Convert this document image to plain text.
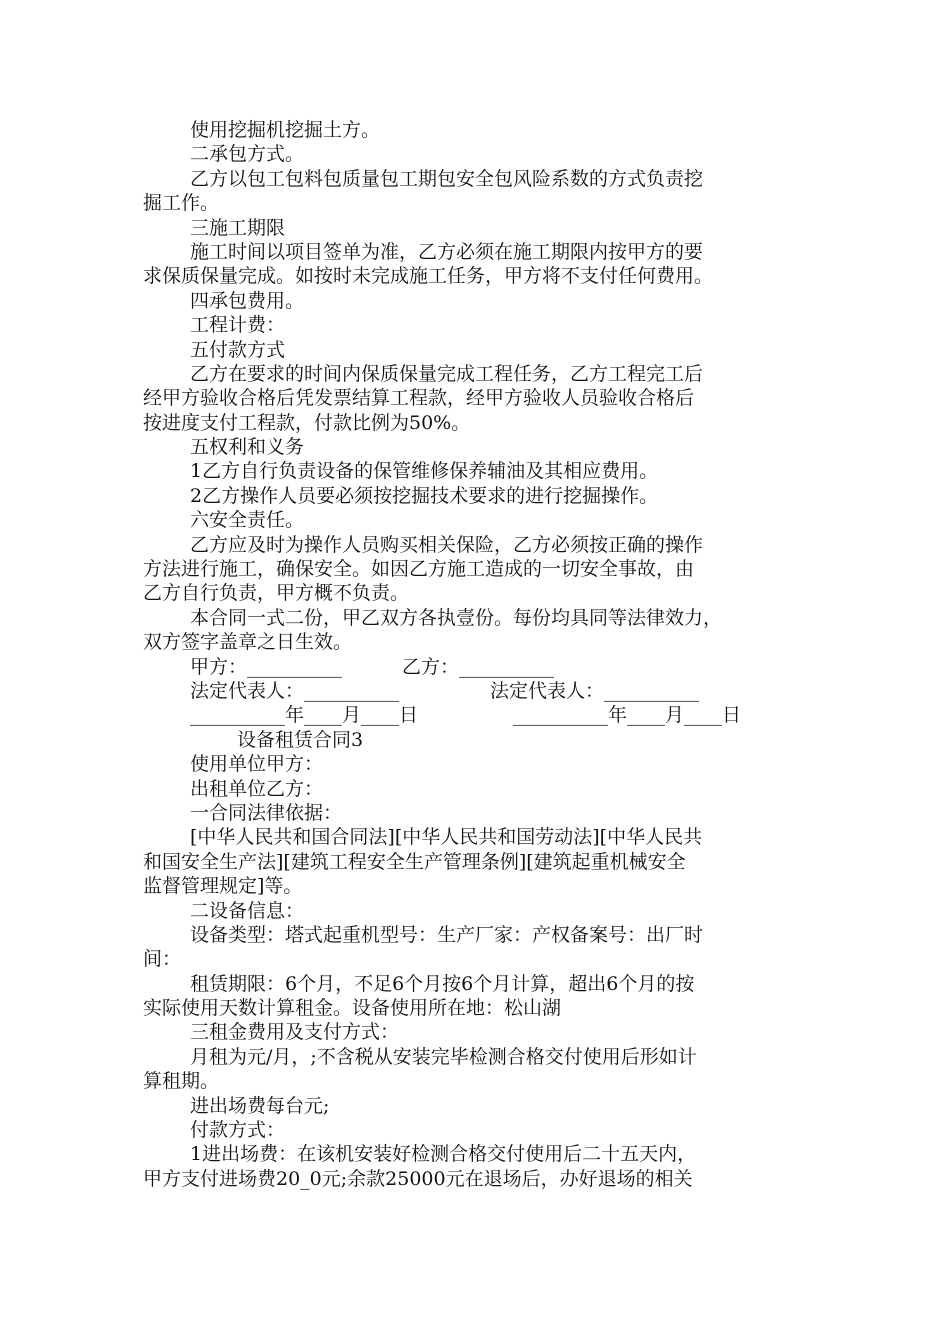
使用挖掘机挖掘土方。
二承包方式。
乙方以包工包料包质量包工期包安全包风险系数的方式负责挖
掘工作。
三施工期限
施工时间以项目签单为准，乙方必须在施工期限内按甲方的要
求保质保量完成。如按时未完成施工任务，甲方将不支付任何费用。
四承包费用。
工程计费：
五付款方式
乙方在要求的时间内保质保量完成工程任务，乙方工程完工后
经甲方验收合格后凭发票结算工程款，经甲方验收人员验收合格后
按进度支付工程款，付款比例为50%。
五权利和义务
1乙方自行负责设备的保管维修保养辅油及其相应费用。
2乙方操作人员要必须按挖掘技术要求的进行挖掘操作。
六安全责任。
乙方应及时为操作人员购买相关保险，乙方必须按正确的操作
方法进行施工，确保安全。如因乙方施工造成的一切安全事故，由
乙方自行负责，甲方概不负责。
本合同一式二份，甲乙双方各执壹份。每份均具同等法律效力，
双方签字盖章之日生效。
甲方：__________	乙方：__________
法定代表人：__________	法定代表人：__________
__________年____月____日	__________年____月____日
设备租赁合同3
使用单位甲方：
出租单位乙方：
一合同法律依据：
[中华人民共和国合同法][中华人民共和国劳动法][中华人民共
和国安全生产法][建筑工程安全生产管理条例][建筑起重机械安全
监督管理规定]等。
二设备信息：
设备类型：塔式起重机型号：生产厂家：产权备案号：出厂时
间：
租赁期限：6个月，不足6个月按6个月计算，超出6个月的按
实际使用天数计算租金。设备使用所在地：松山湖
三租金费用及支付方式：
月租为元/月，;不含税从安装完毕检测合格交付使用后形如计
算租期。
进出场费每台元;
付款方式：
1进出场费：在该机安装好检测合格交付使用后二十五天内，
甲方支付进场费20_0元;余款25000元在退场后，办好退场的相关
